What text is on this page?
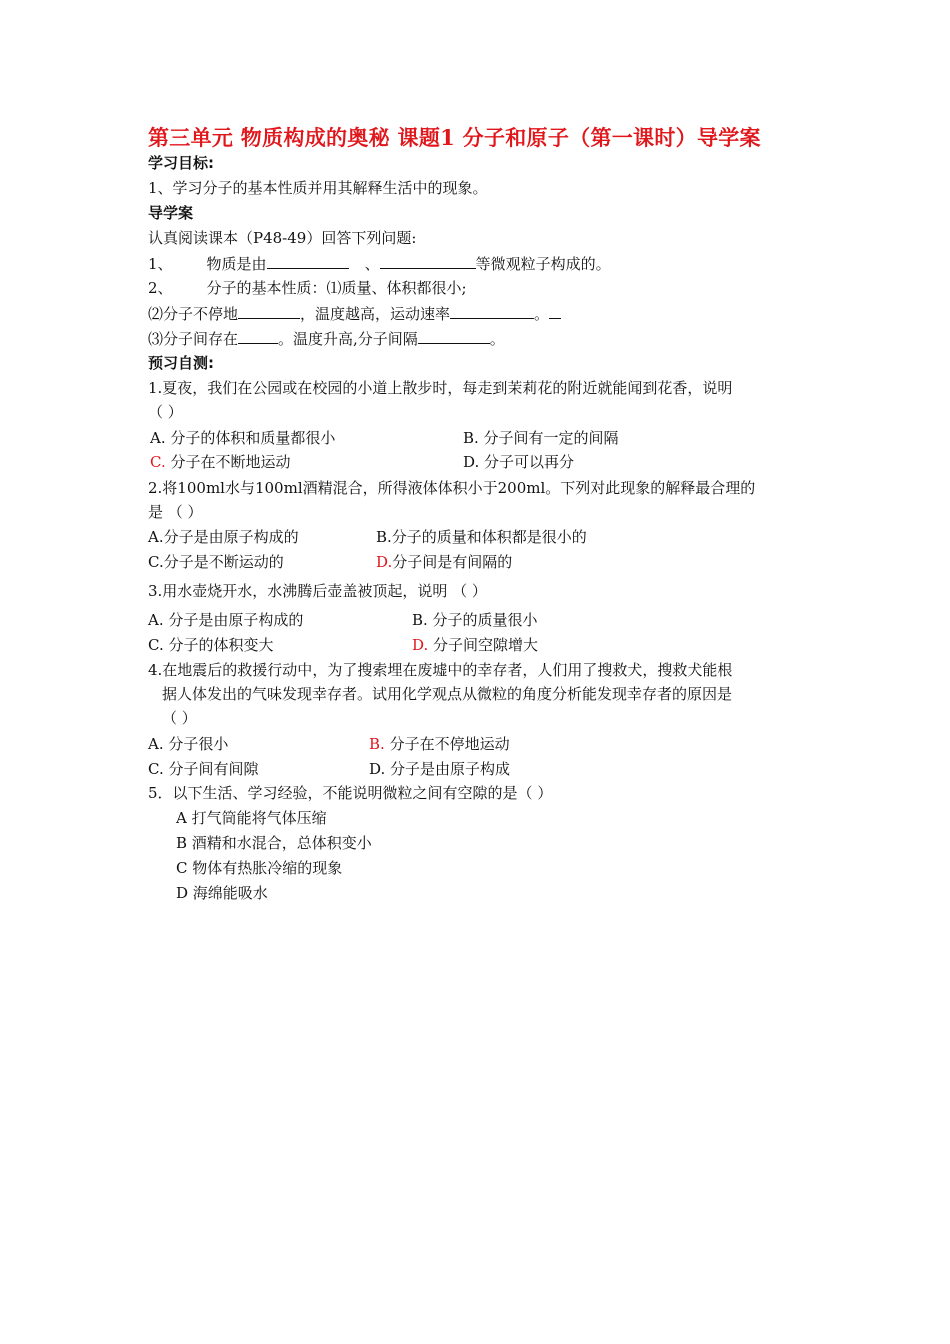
第三单元 物质构成的奥秘 课题1 分子和原子（第一课时）导学案
学习目标:
1、学习分子的基本性质并用其解释生活中的现象。
导学案
认真阅读课本（P48-49）回答下列问题:
1、 物质是由	、	等微观粒子构成的。
2、 分子的基本性质：⑴质量、体积都很小;
⑵分子不停地	，温度越高，运动速率	。
⑶分子间存在	。温度升高,分子间隔	。
预习自测:
1.夏夜，我们在公园或在校园的小道上散步时，每走到茉莉花的附近就能闻到花香，说明
（ ）
A. 分子的体积和质量都很小	B. 分子间有一定的间隔
C. 分子在不断地运动	D. 分子可以再分
2.将100ml水与100ml酒精混合，所得液体体积小于200ml。下列对此现象的解释最合理的
是 （ ）
A.分子是由原子构成的	B.分子的质量和体积都是很小的
C.分子是不断运动的	D.分子间是有间隔的
3.用水壶烧开水，水沸腾后壶盖被顶起，说明 （ ）
A. 分子是由原子构成的	B. 分子的质量很小
C. 分子的体积变大	D. 分子间空隙增大
4.在地震后的救援行动中，为了搜索埋在废墟中的幸存者，人们用了搜救犬，搜救犬能根
据人体发出的气味发现幸存者。试用化学观点从微粒的角度分析能发现幸存者的原因是
（ ）
A. 分子很小	B. 分子在不停地运动
C. 分子间有间隙	D. 分子是由原子构成
5．以下生活、学习经验，不能说明微粒之间有空隙的是（ ）
A 打气筒能将气体压缩
B 酒精和水混合，总体积变小
C 物体有热胀冷缩的现象
D 海绵能吸水
